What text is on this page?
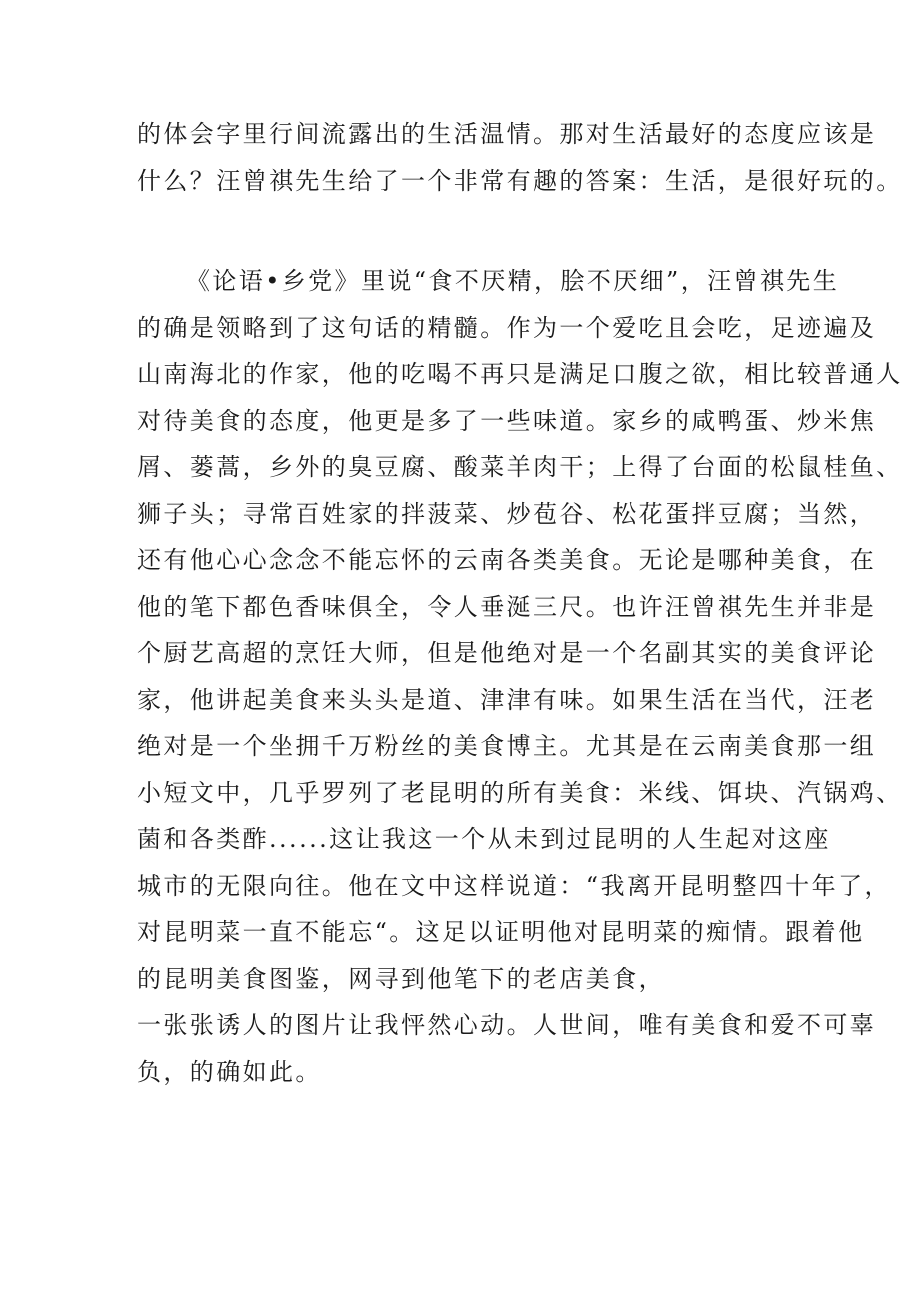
的体会字里行间流露出的生活温情。那对生活最好的态度应该是
什么？汪曾祺先生给了一个非常有趣的答案：生活，是很好玩的。
《论语•乡党》里说“食不厌精，脍不厌细”，汪曾祺先生
的确是领略到了这句话的精髓。作为一个爱吃且会吃，足迹遍及
山南海北的作家，他的吃喝不再只是满足口腹之欲，相比较普通人
对待美食的态度，他更是多了一些味道。家乡的咸鸭蛋、炒米焦
屑、蒌蒿，乡外的臭豆腐、酸菜羊肉干；上得了台面的松鼠桂鱼、
狮子头；寻常百姓家的拌菠菜、炒苞谷、松花蛋拌豆腐；当然，
还有他心心念念不能忘怀的云南各类美食。无论是哪种美食，在
他的笔下都色香味俱全，令人垂涎三尺。也许汪曾祺先生并非是
个厨艺高超的烹饪大师，但是他绝对是一个名副其实的美食评论
家，他讲起美食来头头是道、津津有味。如果生活在当代，汪老
绝对是一个坐拥千万粉丝的美食博主。尤其是在云南美食那一组
小短文中，几乎罗列了老昆明的所有美食：米线、饵块、汽锅鸡、
菌和各类酢......这让我这一个从未到过昆明的人生起对这座
城市的无限向往。他在文中这样说道：“我离开昆明整四十年了，
对昆明菜一直不能忘“。这足以证明他对昆明菜的痴情。跟着他
的昆明美食图鉴，网寻到他笔下的老店美食，
一张张诱人的图片让我怦然心动。人世间，唯有美食和爱不可辜
负，的确如此。
